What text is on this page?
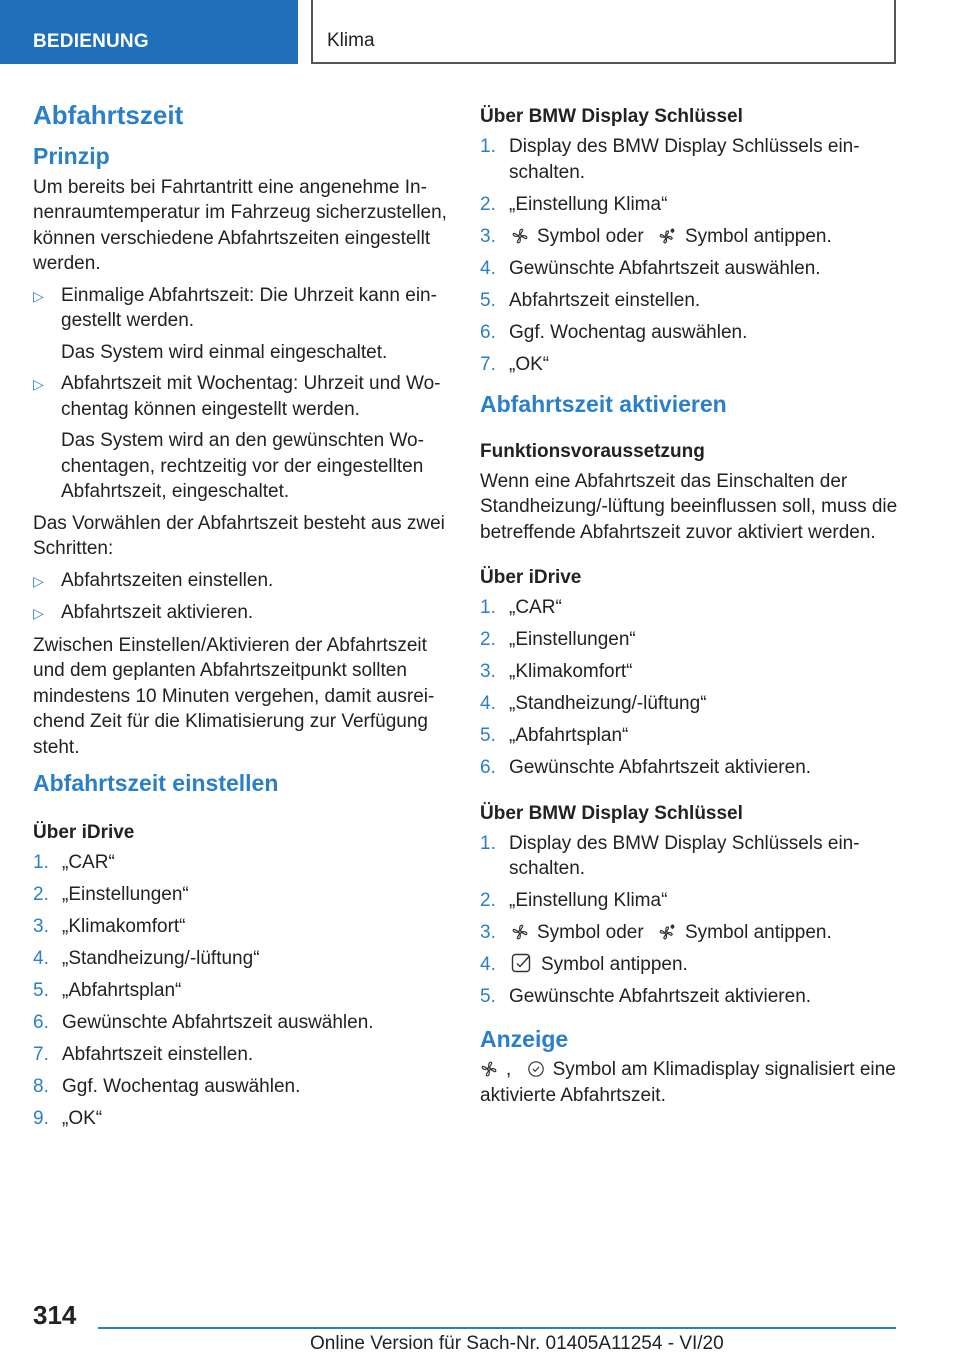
BEDIENUNG	Klima
Abfahrtszeit
Prinzip

Um bereits bei Fahrtantritt eine angenehme Innenraumtemperatur im Fahrzeug sicherzustellen, können verschiedene Abfahrtszeiten eingestellt werden.

▷ Einmalige Abfahrtszeit: Die Uhrzeit kann eingestellt werden.
Das System wird einmal eingeschaltet.
▷ Abfahrtszeit mit Wochentag: Uhrzeit und Wochentag können eingestellt werden.
Das System wird an den gewünschten Wochentagen, rechtzeitig vor der eingestellten Abfahrtszeit, eingeschaltet.

Das Vorwählen der Abfahrtszeit besteht aus zwei Schritten:

▷ Abfahrtszeiten einstellen.
▷ Abfahrtszeit aktivieren.

Zwischen Einstellen/Aktivieren der Abfahrtszeit und dem geplanten Abfahrtszeitpunkt sollten mindestens 10 Minuten vergehen, damit ausreichend Zeit für die Klimatisierung zur Verfügung steht.

Abfahrtszeit einstellen
Über iDrive
1. „CAR“
2. „Einstellungen“
3. „Klimakomfort“
4. „Standheizung/-lüftung“
5. „Abfahrtsplan“
6. Gewünschte Abfahrtszeit auswählen.
7. Abfahrtszeit einstellen.
8. Ggf. Wochentag auswählen.
9. „OK“
Über BMW Display Schlüssel
1. Display des BMW Display Schlüssels einschalten.
2. „Einstellung Klima“
3.	Symbol oder Symbol antippen.
4. Gewünschte Abfahrtszeit auswählen.
5. Abfahrtszeit einstellen.
6. Ggf. Wochentag auswählen.
7. „OK“
Abfahrtszeit aktivieren
Funktionsvoraussetzung

Wenn eine Abfahrtszeit das Einschalten der Standheizung/-lüftung beeinflussen soll, muss die betreffende Abfahrtszeit zuvor aktiviert werden.

Über iDrive
1. „CAR“
2. „Einstellungen“
3. „Klimakomfort“
4. „Standheizung/-lüftung“
5. „Abfahrtsplan“
6. Gewünschte Abfahrtszeit aktivieren.
Über BMW Display Schlüssel
1. Display des BMW Display Schlüssels einschalten.
2. „Einstellung Klima“
3.	Symbol oder Symbol antippen.
4.	Symbol antippen.
5. Gewünschte Abfahrtszeit aktivieren.
Anzeige

, Symbol am Klimadisplay signalisiert eine aktivierte Abfahrtszeit.

314
Online Version für Sach-Nr. 01405A11254 - VI/20
